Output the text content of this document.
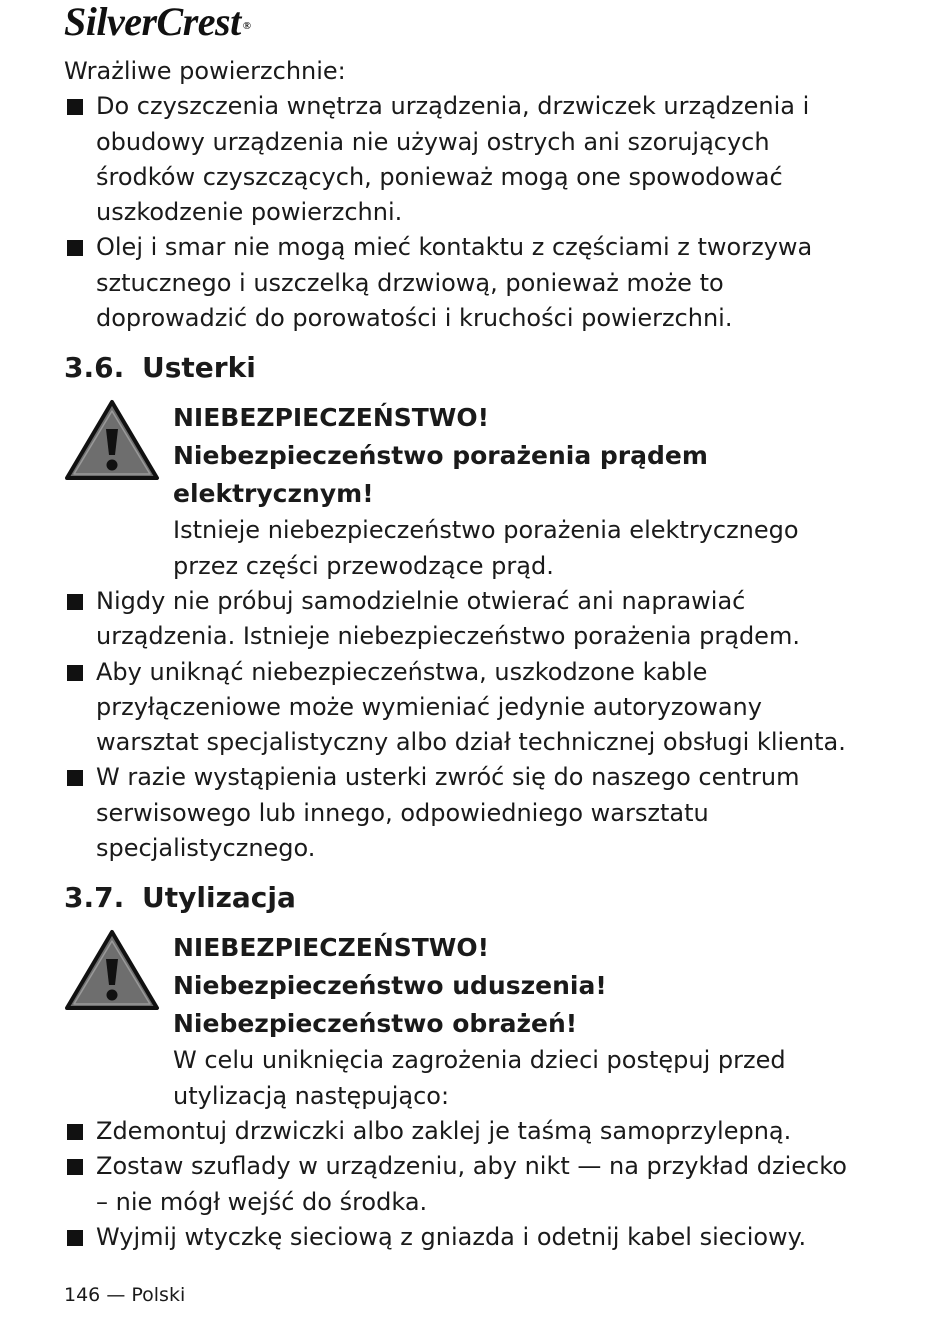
SilverCrest ®

Wrażliwe powierzchnie:

Do czyszczenia wnętrza urządzenia, drzwiczek urządzenia i obudowy urządzenia nie używaj ostrych ani szorujących środków czyszczących, ponieważ mogą one spowodować uszkodzenie powierzchni.
Olej i smar nie mogą mieć kontaktu z częściami z tworzywa sztucznego i uszczelką drzwiową, ponieważ może to doprowadzić do porowatości i kruchości powierzchni.
3.6. Usterki

NIEBEZPIECZEŃSTWO!

Niebezpieczeństwo porażenia prądem elektrycznym!

Istnieje niebezpieczeństwo porażenia elektrycznego przez części przewodzące prąd.

Nigdy nie próbuj samodzielnie otwierać ani naprawiać urządzenia. Istnieje niebezpieczeństwo porażenia prądem.
Aby uniknąć niebezpieczeństwa, uszkodzone kable przyłączeniowe może wymieniać jedynie autoryzowany warsztat specjalistyczny albo dział technicznej obsługi klienta.
W razie wystąpienia usterki zwróć się do naszego centrum serwisowego lub innego, odpowiedniego warsztatu specjalistycznego.
3.7. Utylizacja

NIEBEZPIECZEŃSTWO!

Niebezpieczeństwo uduszenia!

Niebezpieczeństwo obrażeń!

W celu uniknięcia zagrożenia dzieci postępuj przed utylizacją następująco:

Zdemontuj drzwiczki albo zaklej je taśmą samoprzylepną.
Zostaw szuflady w urządzeniu, aby nikt — na przykład dziecko – nie mógł wejść do środka.
Wyjmij wtyczkę sieciową z gniazda i odetnij kabel sieciowy.
146 — Polski
